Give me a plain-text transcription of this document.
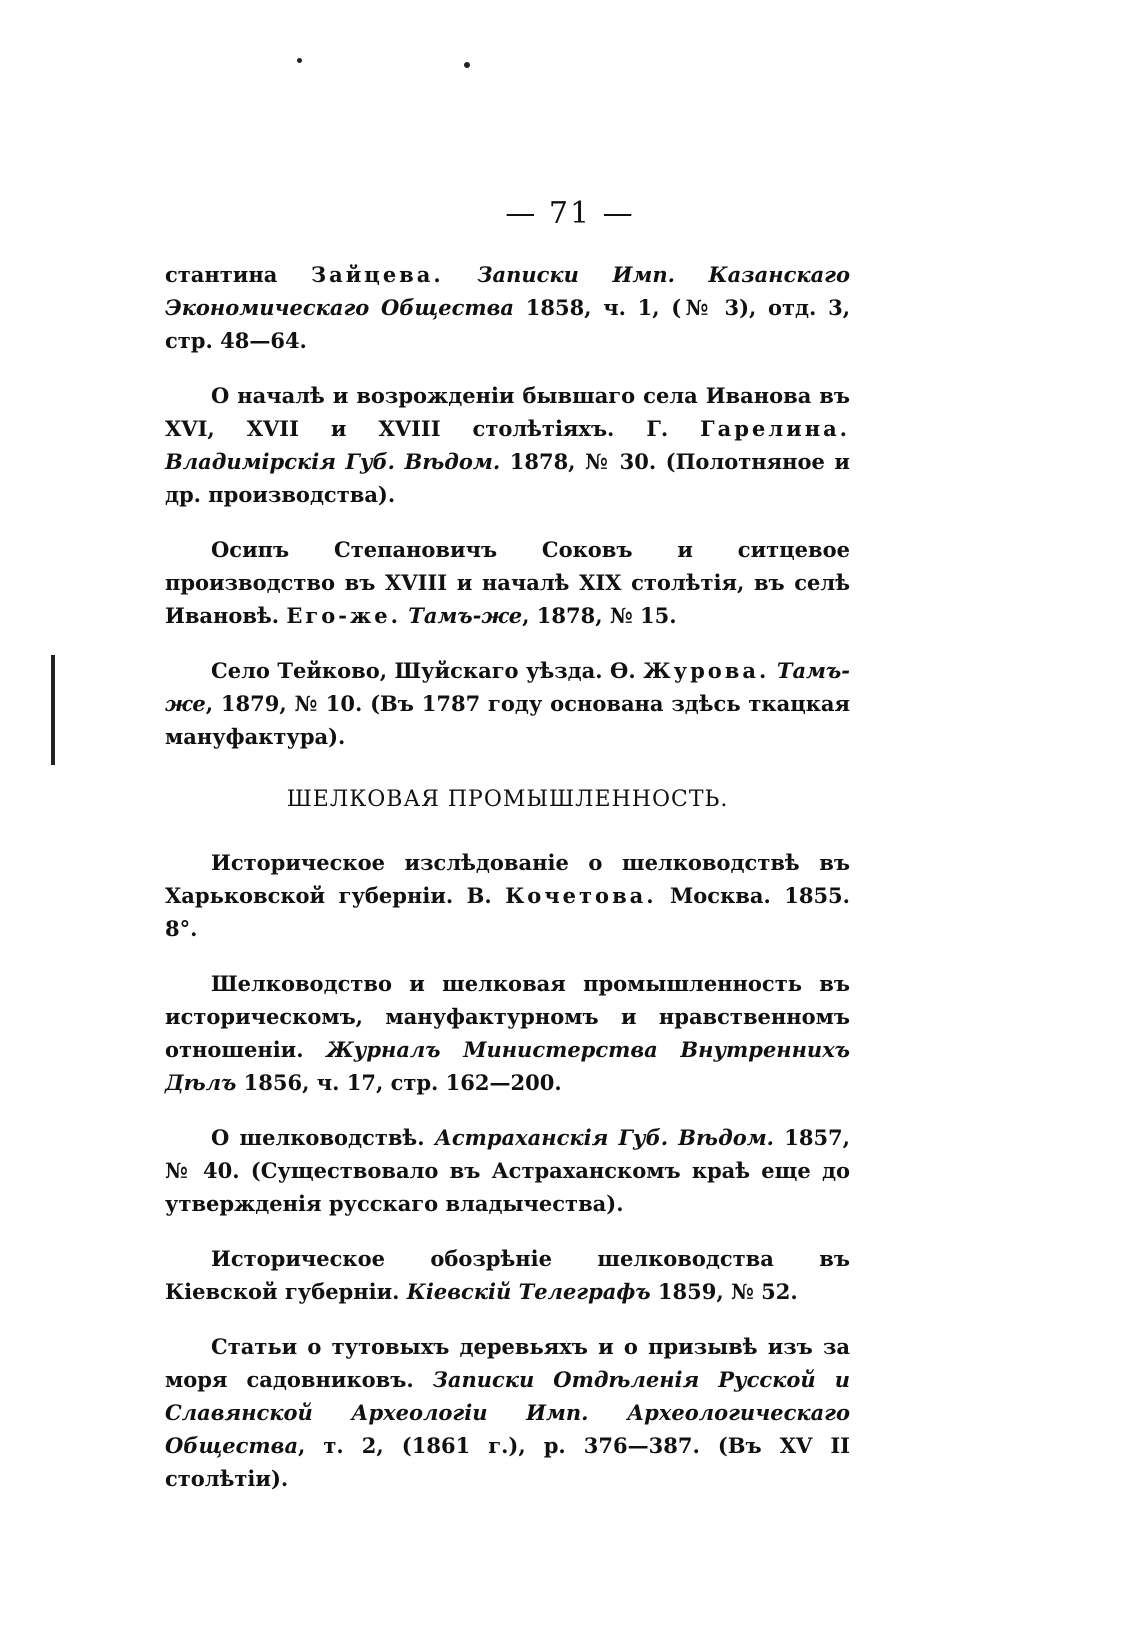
— 71 —

стантина Зайцева. Записки Имп. Казанскаго Экономическаго Общества 1858, ч. 1, (№ 3), отд. 3, стр. 48—64.

О началѣ и возрожденіи бывшаго села Иванова въ XVI, XVII и XVIII столѣтіяхъ. Г. Гарелина. Владимірскія Губ. Вѣдом. 1878, № 30. (Полотняное и др. производства).

Осипъ Степановичъ Соковъ и ситцевое производство въ XVIII и началѣ XIX столѣтія, въ селѣ Ивановѣ. Его-же. Тамъ-же, 1878, № 15.

Село Тейково, Шуйскаго уѣзда. Ѳ. Журова. Тамъ-же, 1879, № 10. (Въ 1787 году основана здѣсь ткацкая мануфактура).

ШЕЛКОВАЯ ПРОМЫШЛЕННОСТЬ.

Историческое изслѣдованіе о шелководствѣ въ Харьковской губерніи. В. Кочетова. Москва. 1855. 8°.

Шелководство и шелковая промышленность въ историческомъ, мануфактурномъ и нравственномъ отношеніи. Журналъ Министерства Внутреннихъ Дѣлъ 1856, ч. 17, стр. 162—200.

О шелководствѣ. Астраханскія Губ. Вѣдом. 1857, № 40. (Существовало въ Астраханскомъ краѣ еще до утвержденія русскаго владычества).

Историческое обозрѣніе шелководства въ Кіевской губерніи. Кіевскій Телеграфъ 1859, № 52.

Статьи о тутовыхъ деревьяхъ и о призывѣ изъ за моря садовниковъ. Записки Отдѣленія Русской и Славянской Археологіи Имп. Археологическаго Общества, т. 2, (1861 г.), р. 376—387. (Въ XV II столѣтіи).
